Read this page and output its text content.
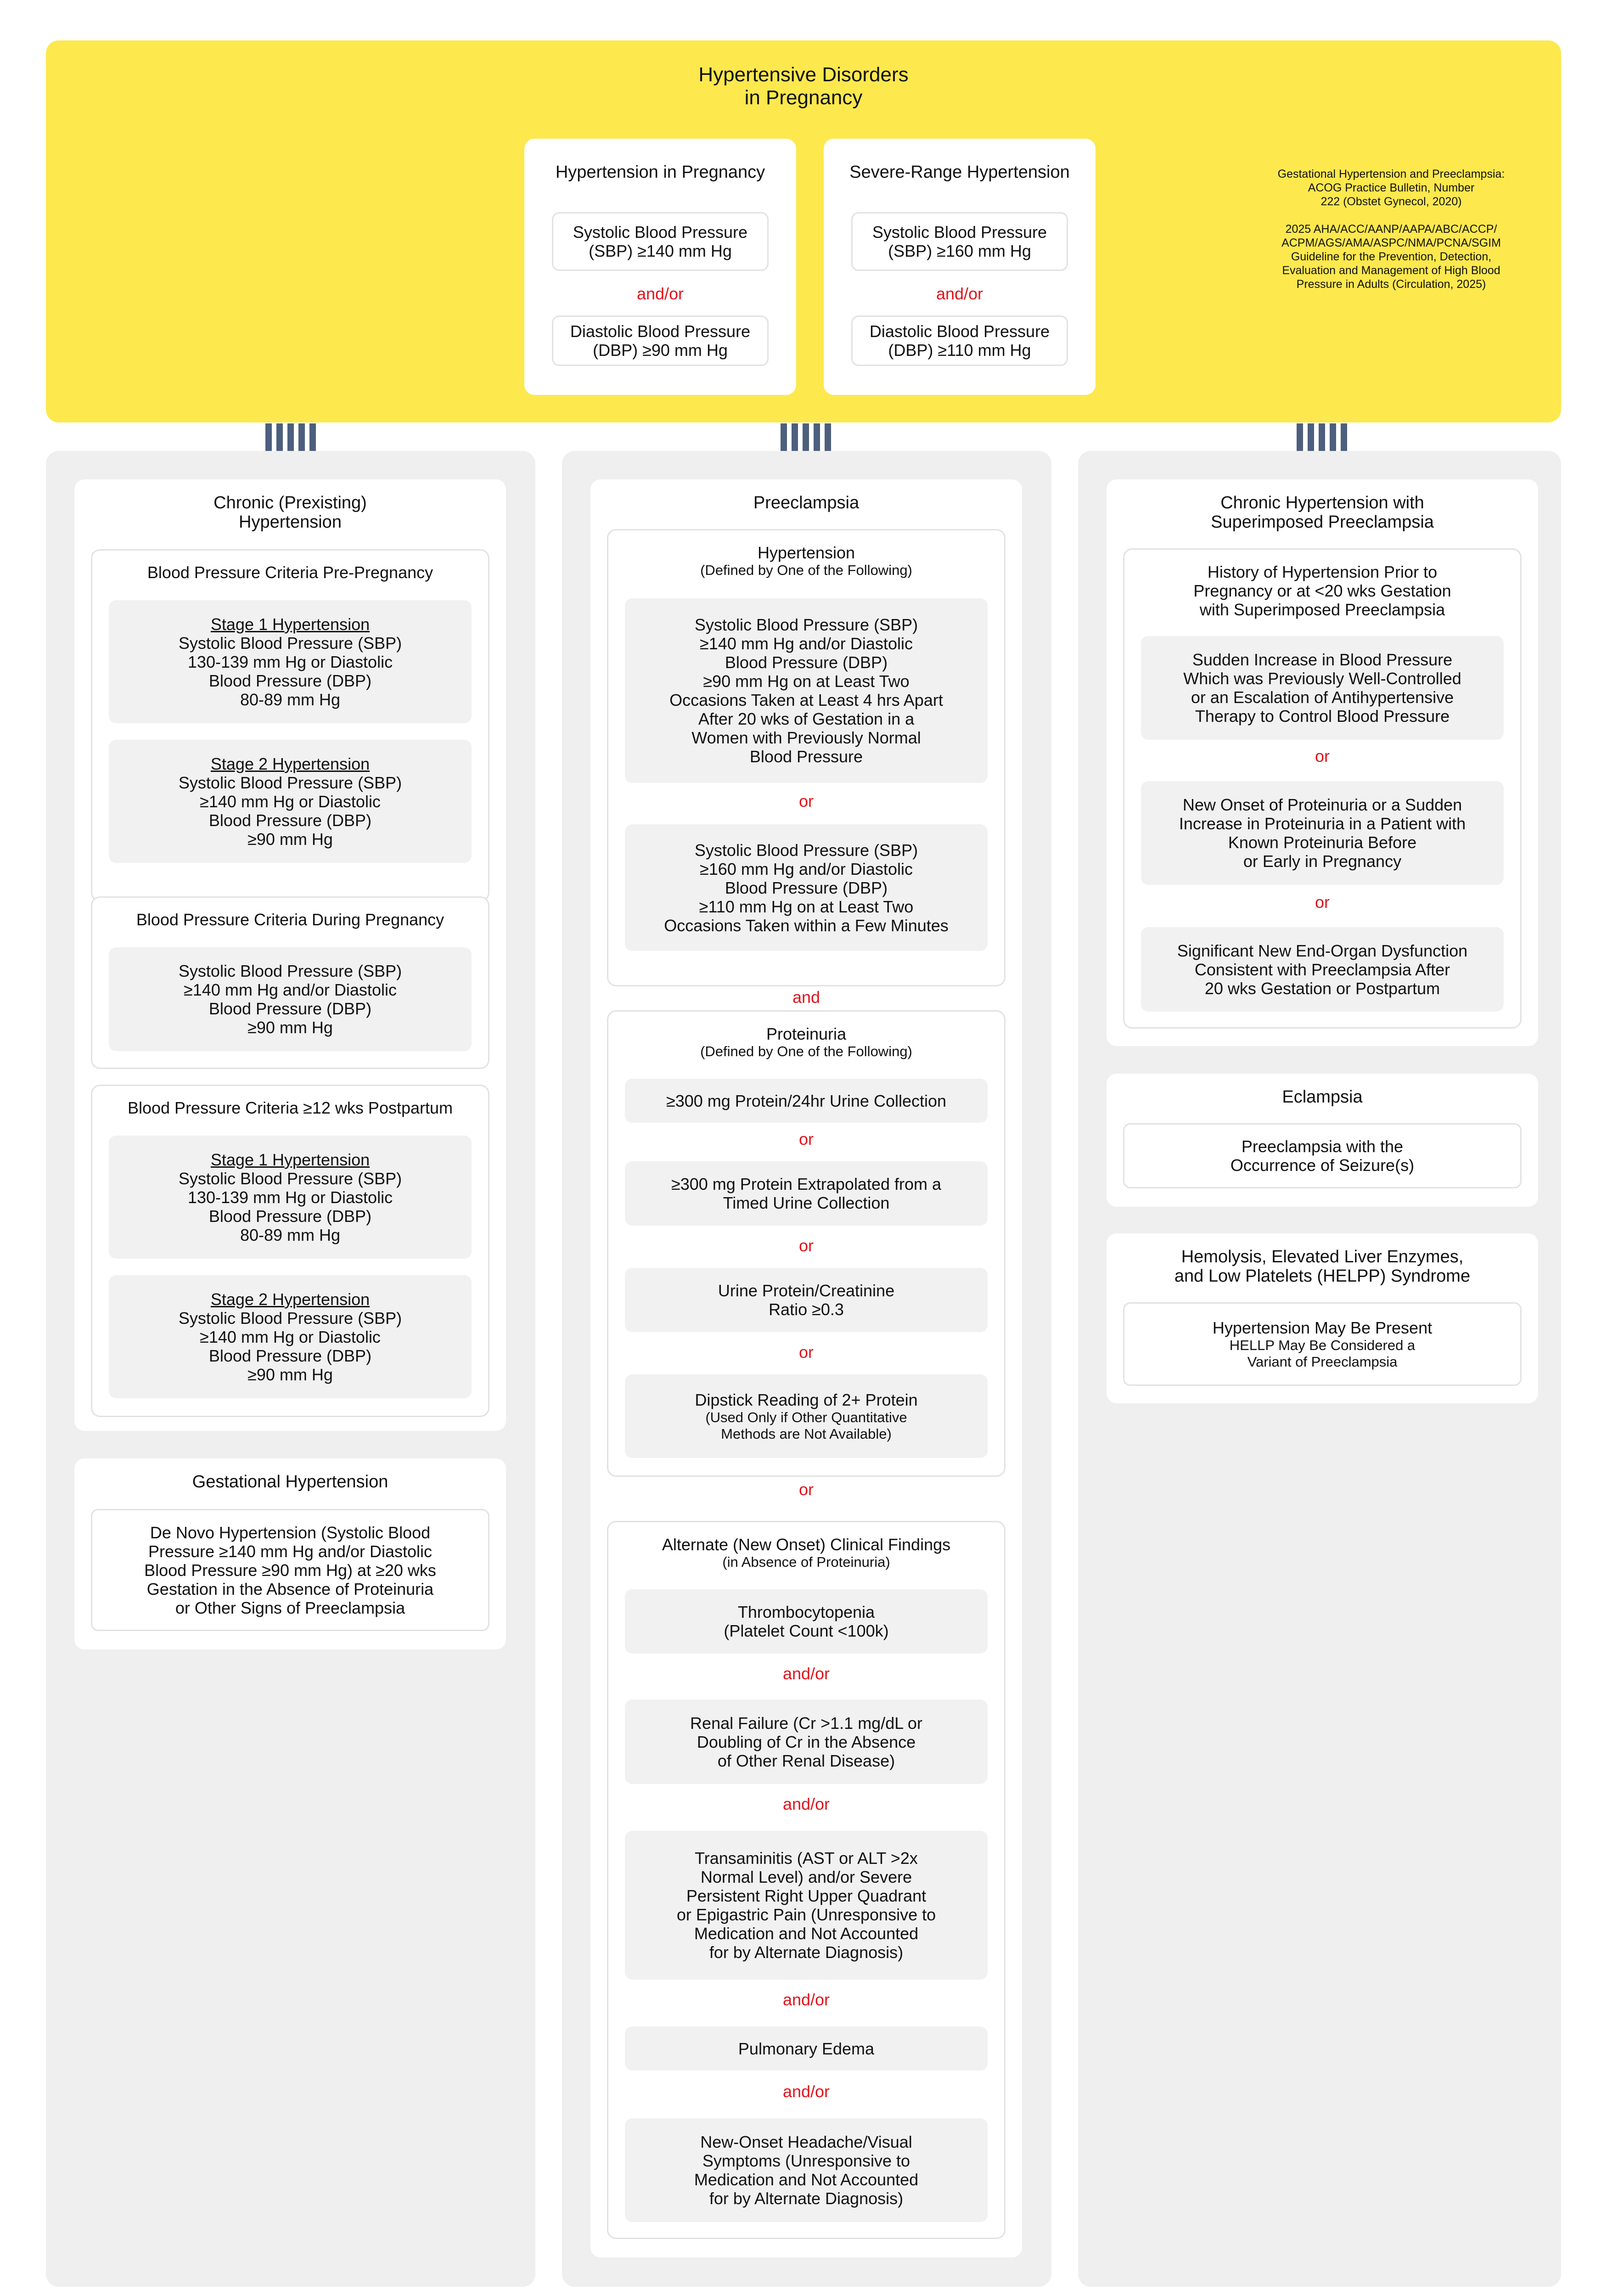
Hypertensive Disorders
in Pregnancy
Hypertension in Pregnancy
Systolic Blood Pressure
(SBP) ≥140 mm Hg
and/or
Diastolic Blood Pressure
(DBP) ≥90 mm Hg
Severe-Range Hypertension
Systolic Blood Pressure
(SBP) ≥160 mm Hg
and/or
Diastolic Blood Pressure
(DBP) ≥110 mm Hg
Gestational Hypertension and Preeclampsia:
ACOG Practice Bulletin, Number
222 (Obstet Gynecol, 2020)
2025 AHA/ACC/AANP/AAPA/ABC/ACCP/
ACPM/AGS/AMA/ASPC/NMA/PCNA/SGIM
Guideline for the Prevention, Detection,
Evaluation and Management of High Blood
Pressure in Adults (Circulation, 2025)
Chronic (Prexisting)
Hypertension
Blood Pressure Criteria Pre-Pregnancy
Stage 1 Hypertension
Systolic Blood Pressure (SBP)
130-139 mm Hg or Diastolic
Blood Pressure (DBP)
80-89 mm Hg
Stage 2 Hypertension
Systolic Blood Pressure (SBP)
≥140 mm Hg or Diastolic
Blood Pressure (DBP)
≥90 mm Hg
Blood Pressure Criteria During Pregnancy
Systolic Blood Pressure (SBP)
≥140 mm Hg and/or Diastolic
Blood Pressure (DBP)
≥90 mm Hg
Blood Pressure Criteria ≥12 wks Postpartum
Stage 1 Hypertension
Systolic Blood Pressure (SBP)
130-139 mm Hg or Diastolic
Blood Pressure (DBP)
80-89 mm Hg
Stage 2 Hypertension
Systolic Blood Pressure (SBP)
≥140 mm Hg or Diastolic
Blood Pressure (DBP)
≥90 mm Hg
Gestational Hypertension
De Novo Hypertension (Systolic Blood
Pressure ≥140 mm Hg and/or Diastolic
Blood Pressure ≥90 mm Hg) at ≥20 wks
Gestation in the Absence of Proteinuria
or Other Signs of Preeclampsia
Preeclampsia
Hypertension
(Defined by One of the Following)
Systolic Blood Pressure (SBP)
≥140 mm Hg and/or Diastolic
Blood Pressure (DBP)
≥90 mm Hg on at Least Two
Occasions Taken at Least 4 hrs Apart
After 20 wks of Gestation in a
Women with Previously Normal
Blood Pressure
or
Systolic Blood Pressure (SBP)
≥160 mm Hg and/or Diastolic
Blood Pressure (DBP)
≥110 mm Hg on at Least Two
Occasions Taken within a Few Minutes
and
Proteinuria
(Defined by One of the Following)
≥300 mg Protein/24hr Urine Collection
or
≥300 mg Protein Extrapolated from a
Timed Urine Collection
or
Urine Protein/Creatinine
Ratio ≥0.3
or
Dipstick Reading of 2+ Protein
(Used Only if Other Quantitative
Methods are Not Available)
or
Alternate (New Onset) Clinical Findings
(in Absence of Proteinuria)
Thrombocytopenia
(Platelet Count <100k)
and/or
Renal Failure (Cr >1.1 mg/dL or
Doubling of Cr in the Absence
of Other Renal Disease)
and/or
Transaminitis (AST or ALT >2x
Normal Level) and/or Severe
Persistent Right Upper Quadrant
or Epigastric Pain (Unresponsive to
Medication and Not Accounted
for by Alternate Diagnosis)
and/or
Pulmonary Edema
and/or
New-Onset Headache/Visual
Symptoms (Unresponsive to
Medication and Not Accounted
for by Alternate Diagnosis)
Chronic Hypertension with
Superimposed Preeclampsia
History of Hypertension Prior to
Pregnancy or at <20 wks Gestation
with Superimposed Preeclampsia
Sudden Increase in Blood Pressure
Which was Previously Well-Controlled
or an Escalation of Antihypertensive
Therapy to Control Blood Pressure
or
New Onset of Proteinuria or a Sudden
Increase in Proteinuria in a Patient with
Known Proteinuria Before
or Early in Pregnancy
or
Significant New End-Organ Dysfunction
Consistent with Preeclampsia After
20 wks Gestation or Postpartum
Eclampsia
Preeclampsia with the
Occurrence of Seizure(s)
Hemolysis, Elevated Liver Enzymes,
and Low Platelets (HELPP) Syndrome
Hypertension May Be Present
HELLP May Be Considered a
Variant of Preeclampsia
